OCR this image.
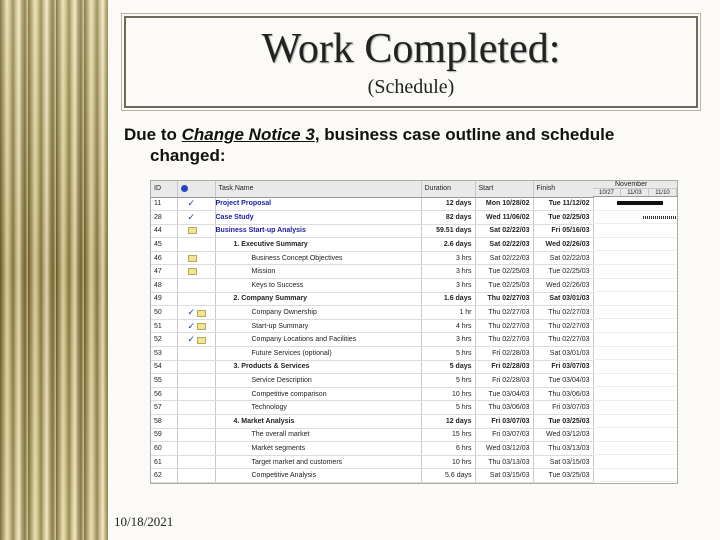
Work Completed:
(Schedule)
Due to Change Notice 3, business case outline and schedule
changed:
ID		Task Name	Duration	Start	Finish
11	✓	Project Proposal	12 days	Mon 10/28/02	Tue 11/12/02
28	✓	Case Study	82 days	Wed 11/06/02	Tue 02/25/03
44		Business Start-up Analysis	59.51 days	Sat 02/22/03	Fri 05/16/03
45		1. Executive Summary	2.6 days	Sat 02/22/03	Wed 02/26/03
46		Business Concept Objectives	3 hrs	Sat 02/22/03	Sat 02/22/03
47		Mission	3 hrs	Tue 02/25/03	Tue 02/25/03
48		Keys to Success	3 hrs	Tue 02/25/03	Wed 02/26/03
49		2. Company Summary	1.6 days	Thu 02/27/03	Sat 03/01/03
50	✓	Company Ownership	1 hr	Thu 02/27/03	Thu 02/27/03
51	✓	Start-up Summary	4 hrs	Thu 02/27/03	Thu 02/27/03
52	✓	Company Locations and Facilities	3 hrs	Thu 02/27/03	Thu 02/27/03
53		Future Services (optional)	5 hrs	Fri 02/28/03	Sat 03/01/03
54		3. Products & Services	5 days	Fri 02/28/03	Fri 03/07/03
55		Service Description	5 hrs	Fri 02/28/03	Tue 03/04/03
56		Competitive comparison	10 hrs	Tue 03/04/03	Thu 03/06/03
57		Technology	5 hrs	Thu 03/06/03	Fri 03/07/03
58		4. Market Analysis	12 days	Fri 03/07/03	Tue 03/25/03
59		The overall market	15 hrs	Fri 03/07/03	Wed 03/12/03
60		Market segments	6 hrs	Wed 03/12/03	Thu 03/13/03
61		Target market and customers	10 hrs	Thu 03/13/03	Sat 03/15/03
62		Competitive Analysis	5.6 days	Sat 03/15/03	Tue 03/25/03
November
10/27	11/03	11/10
10/18/2021
